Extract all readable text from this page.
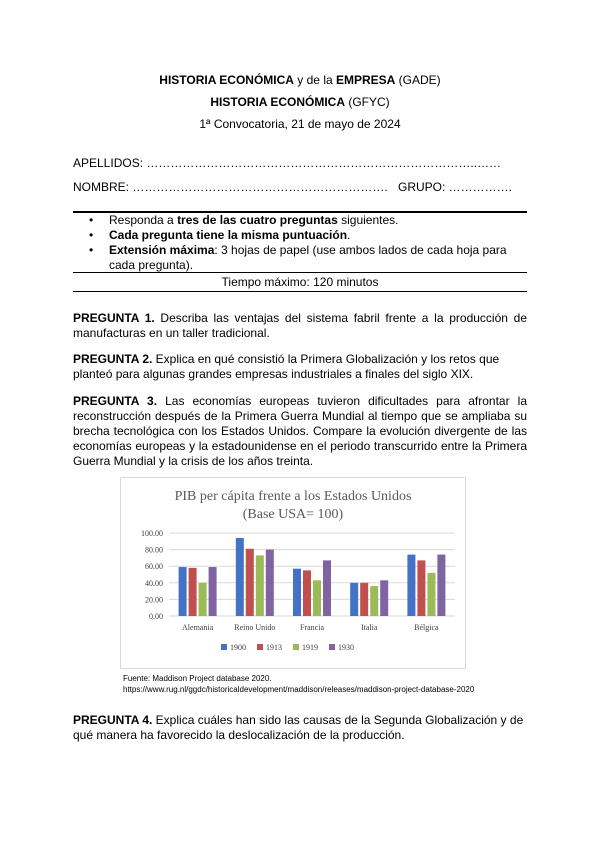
HISTORIA ECONÓMICA y de la EMPRESA (GADE)
HISTORIA ECONÓMICA (GFYC)
1ª Convocatoria, 21 de mayo de 2024
APELLIDOS: ………………………………………………………………………..……
NOMBRE: ………………………………………………………. GRUPO: …………….
• Responda a tres de las cuatro preguntas siguientes.
• Cada pregunta tiene la misma puntuación.
• Extensión máxima: 3 hojas de papel (use ambos lados de cada hoja para cada pregunta).
Tiempo máximo: 120 minutos
PREGUNTA 1. Describa las ventajas del sistema fabril frente a la producción de manufacturas en un taller tradicional.
PREGUNTA 2. Explica en qué consistió la Primera Globalización y los retos que planteó para algunas grandes empresas industriales a finales del siglo XIX.
PREGUNTA 3. Las economías europeas tuvieron dificultades para afrontar la reconstrucción después de la Primera Guerra Mundial al tiempo que se ampliaba su brecha tecnológica con los Estados Unidos. Compare la evolución divergente de las economías europeas y la estadounidense en el periodo transcurrido entre la Primera Guerra Mundial y la crisis de los años treinta.
PIB per cápita frente a los Estados Unidos
(Base USA= 100)
0.00
20.00
40.00
60.00
80.00
100.00
Alemania	Reino Unido	Francia	Italia	Bélgica
1900	1913	1919	1930
Fuente: Maddison Project database 2020.
https://www.rug.nl/ggdc/historicaldevelopment/maddison/releases/maddison-project-database-2020
PREGUNTA 4. Explica cuáles han sido las causas de la Segunda Globalización y de qué manera ha favorecido la deslocalización de la producción.
